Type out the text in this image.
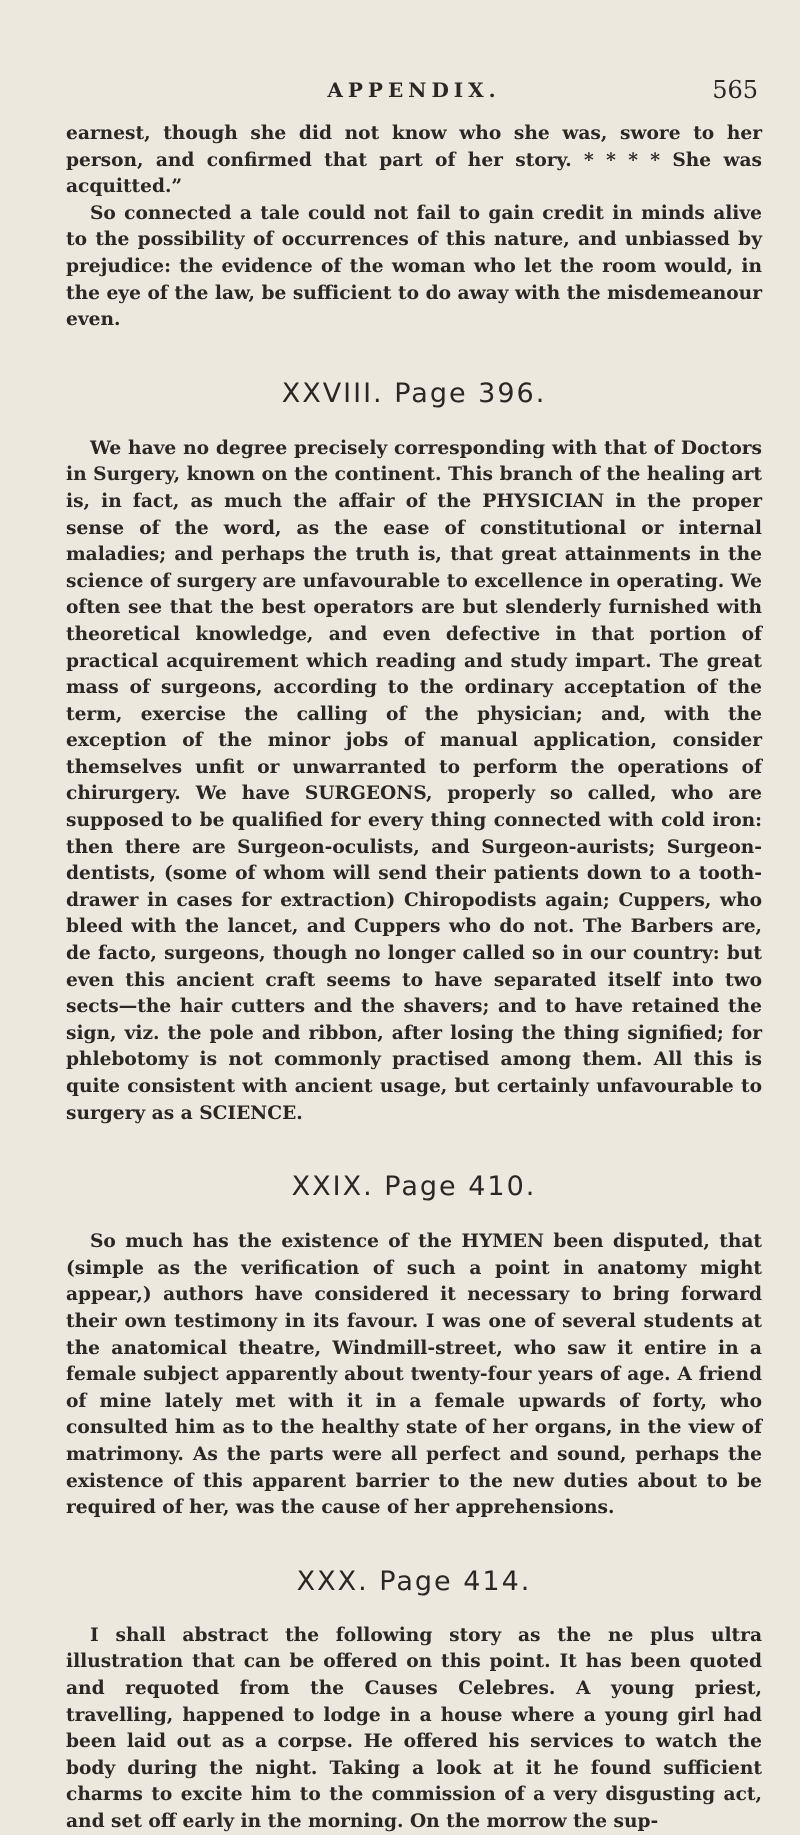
APPENDIX.	565

earnest, though she did not know who she was, swore to her person, and confirmed that part of her story. * * * * She was acquitted.”

So connected a tale could not fail to gain credit in minds alive to the possibility of occurrences of this nature, and unbiassed by prejudice: the evidence of the woman who let the room would, in the eye of the law, be sufficient to do away with the misdemeanour even.

XXVIII. Page 396.

We have no degree precisely corresponding with that of Doctors in Surgery, known on the continent. This branch of the healing art is, in fact, as much the affair of the PHYSICIAN in the proper sense of the word, as the ease of constitutional or internal maladies; and perhaps the truth is, that great attainments in the science of surgery are unfavourable to excellence in operating. We often see that the best operators are but slenderly furnished with theoretical knowledge, and even defective in that portion of practical acquirement which reading and study impart. The great mass of surgeons, according to the ordinary acceptation of the term, exercise the calling of the physician; and, with the exception of the minor jobs of manual application, consider themselves unfit or unwarranted to perform the operations of chirurgery. We have SURGEONS, properly so called, who are supposed to be qualified for every thing connected with cold iron: then there are Surgeon-oculists, and Surgeon-aurists; Surgeon-dentists, (some of whom will send their patients down to a tooth-drawer in cases for extraction) Chiropodists again; Cuppers, who bleed with the lancet, and Cuppers who do not. The Barbers are, de facto, surgeons, though no longer called so in our country: but even this ancient craft seems to have separated itself into two sects—the hair cutters and the shavers; and to have retained the sign, viz. the pole and ribbon, after losing the thing signified; for phlebotomy is not commonly practised among them. All this is quite consistent with ancient usage, but certainly unfavourable to surgery as a SCIENCE.

XXIX. Page 410.

So much has the existence of the HYMEN been disputed, that (simple as the verification of such a point in anatomy might appear,) authors have considered it necessary to bring forward their own testimony in its favour. I was one of several students at the anatomical theatre, Windmill-street, who saw it entire in a female subject apparently about twenty-four years of age. A friend of mine lately met with it in a female upwards of forty, who consulted him as to the healthy state of her organs, in the view of matrimony. As the parts were all perfect and sound, perhaps the existence of this apparent barrier to the new duties about to be required of her, was the cause of her apprehensions.

XXX. Page 414.

I shall abstract the following story as the ne plus ultra illustration that can be offered on this point. It has been quoted and requoted from the Causes Celebres. A young priest, travelling, happened to lodge in a house where a young girl had been laid out as a corpse. He offered his services to watch the body during the night. Taking a look at it he found sufficient charms to excite him to the commission of a very disgusting act, and set off early in the morning. On the morrow the sup-
